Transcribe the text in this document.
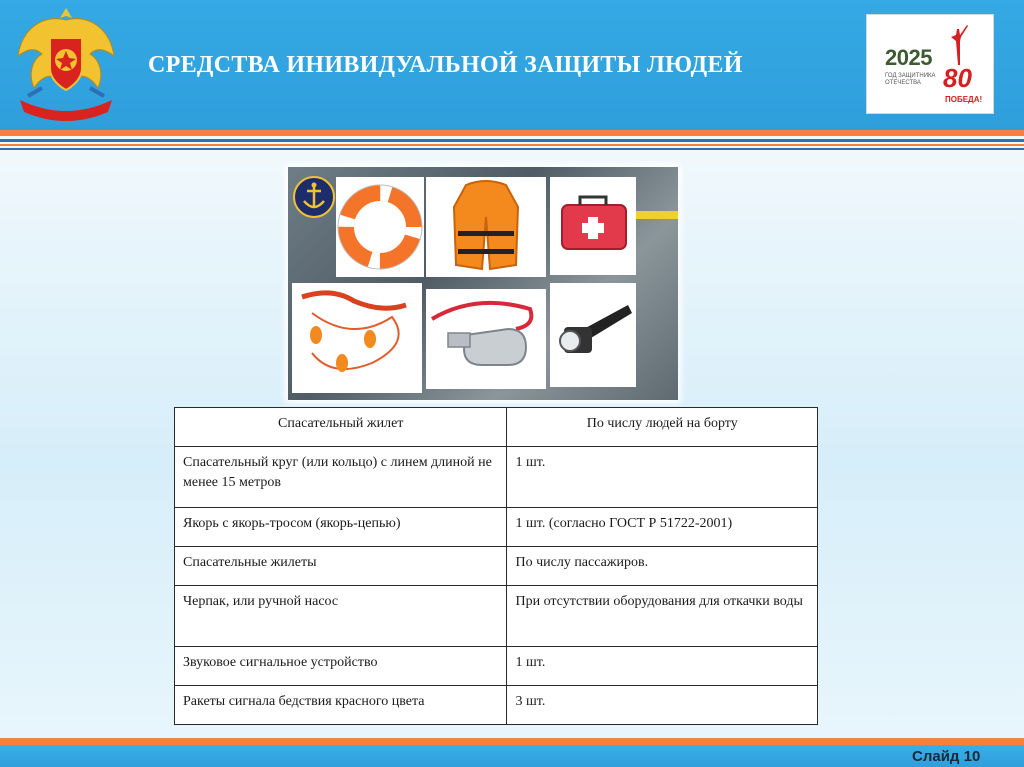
СРЕДСТВА ИНИВИДУАЛЬНОЙ ЗАЩИТЫ ЛЮДЕЙ	2025
ГОД ЗАЩИТНИКА ОТЕЧЕСТВА 80
ПОБЕДА!
Спасательный жилет	По числу людей на борту
Спасательный круг (или кольцо) с линем длиной не менее 15 метров	1 шт.
Якорь с якорь-тросом (якорь-цепью)	1 шт. (согласно ГОСТ Р 51722-2001)
Спасательные жилеты	По числу пассажиров.
Черпак, или ручной насос	При отсутствии оборудования для откачки воды
Звуковое сигнальное устройство	1 шт.
Ракеты сигнала бедствия красного цвета	3 шт.
Слайд 10
